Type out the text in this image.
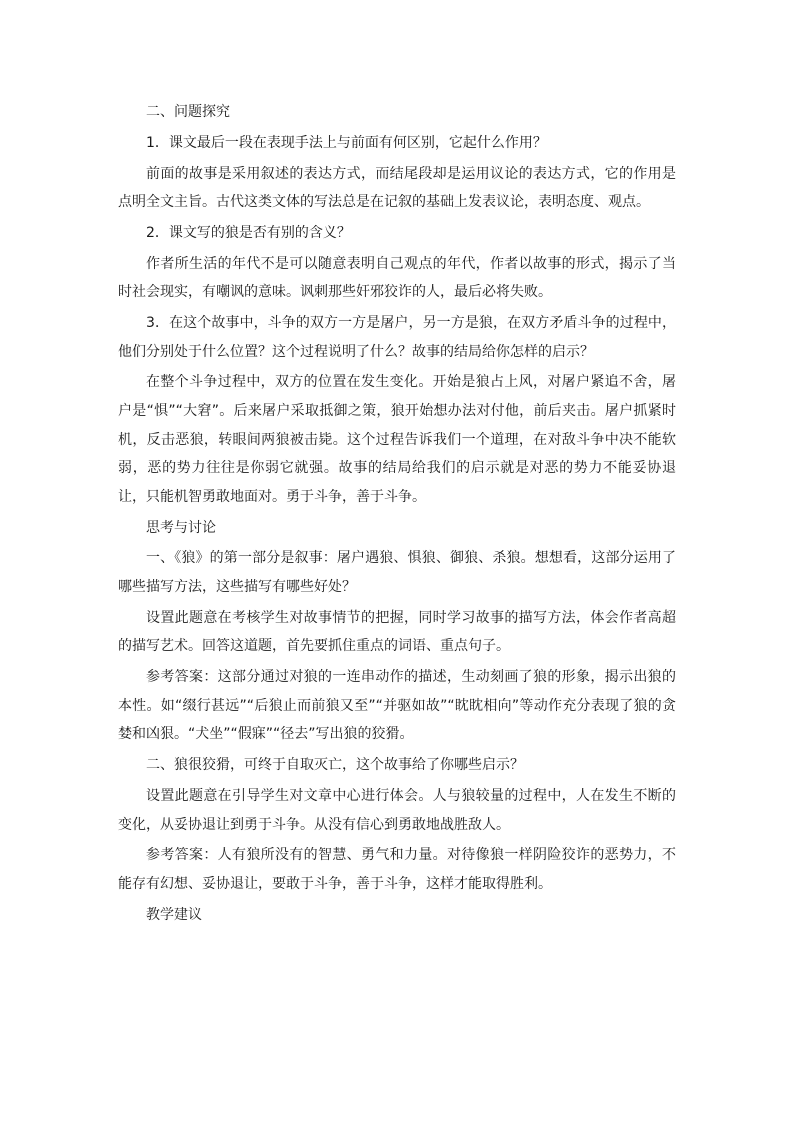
二、问题探究

1．课文最后一段在表现手法上与前面有何区别，它起什么作用？

前面的故事是采用叙述的表达方式，而结尾段却是运用议论的表达方式，它的作用是点明全文主旨。古代这类文体的写法总是在记叙的基础上发表议论，表明态度、观点。

2．课文写的狼是否有别的含义？

作者所生活的年代不是可以随意表明自己观点的年代，作者以故事的形式，揭示了当时社会现实，有嘲讽的意味。讽刺那些奸邪狡诈的人，最后必将失败。

3．在这个故事中，斗争的双方一方是屠户，另一方是狼，在双方矛盾斗争的过程中，他们分别处于什么位置？这个过程说明了什么？故事的结局给你怎样的启示？

在整个斗争过程中，双方的位置在发生变化。开始是狼占上风，对屠户紧追不舍，屠户是“惧”“大窘”。后来屠户采取抵御之策，狼开始想办法对付他，前后夹击。屠户抓紧时机，反击恶狼，转眼间两狼被击毙。这个过程告诉我们一个道理，在对敌斗争中决不能软弱，恶的势力往往是你弱它就强。故事的结局给我们的启示就是对恶的势力不能妥协退让，只能机智勇敢地面对。勇于斗争，善于斗争。

思考与讨论

一、《狼》的第一部分是叙事：屠户遇狼、惧狼、御狼、杀狼。想想看，这部分运用了哪些描写方法，这些描写有哪些好处？

设置此题意在考核学生对故事情节的把握，同时学习故事的描写方法，体会作者高超的描写艺术。回答这道题，首先要抓住重点的词语、重点句子。

参考答案：这部分通过对狼的一连串动作的描述，生动刻画了狼的形象，揭示出狼的本性。如“缀行甚远”“后狼止而前狼又至”“并驱如故”“眈眈相向”等动作充分表现了狼的贪婪和凶狠。“犬坐”“假寐”“径去”写出狼的狡猾。

二、狼很狡猾，可终于自取灭亡，这个故事给了你哪些启示？

设置此题意在引导学生对文章中心进行体会。人与狼较量的过程中，人在发生不断的变化，从妥协退让到勇于斗争。从没有信心到勇敢地战胜敌人。

参考答案：人有狼所没有的智慧、勇气和力量。对待像狼一样阴险狡诈的恶势力，不能存有幻想、妥协退让，要敢于斗争，善于斗争，这样才能取得胜利。

教学建议
